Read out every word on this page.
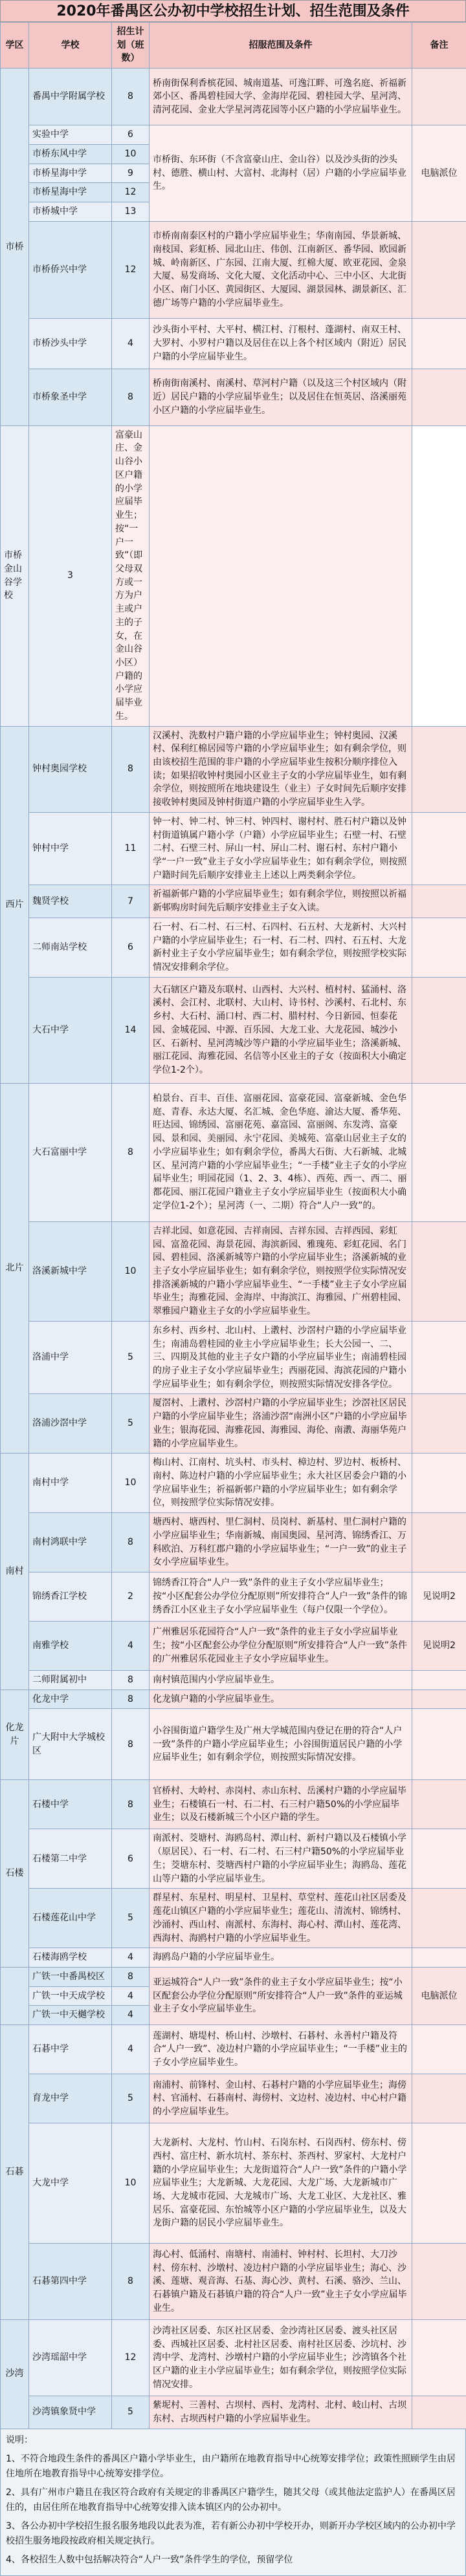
2020年番禺区公办初中学校招生计划、招生范围及条件
学区	学校	招生计划（班数）	招服范围及条件	备注
市桥	番禺中学附属学校	8	桥南街保利香槟花园、城南道基、可逸江畔、可逸名庭、祈福新郊小区、番禺碧桂园大学、金海岸花园、碧桂园大学、星河湾、清河花园、金业大学星河湾花园等小区户籍的小学应届毕业生。	
	实验中学	6	市桥街、东环街（不含富豪山庄、金山谷）以及沙头街的沙头村、德胜、横山村、大富村、北海村（居）户籍的小学应届毕业生。	电脑派位
	市桥东风中学	10		
	市桥星海中学	9		
	市桥星海中学	12		
	市桥城中学	13		
	市桥侨兴中学	12	市桥南南泰区村的户籍小学应届毕业生；华南南园、华景新城、南枝国、彩虹桥、园北山庄、伟创、江南新区、番华园、欧园新城、岭南新区、广东园、江南大厦、红棉大厦、欧亚花园、金泉大厦、易发商场、文化大厦、文化活动中心、三中小区、大北街小区、南门小区、黄园街区、大厦园、湖景园林、湖景新区、汇德广场等户籍的小学应届毕业生。	
	市桥沙头中学	4	沙头街小平村、大平村、横江村、汀根村、蓬湖村、南双王村、大罗村、小罗村户籍以及居住在以上各个村区域内（附近）居民户籍的小学应届毕业生。	
	市桥象圣中学	8	桥南街南溪村、南溪村、草河村户籍（以及这三个村区域内（附近）居民户籍的小学应届毕业生；以及居住在恒英居、洛溪丽苑小区户籍的小学应届毕业生。	
市桥金山谷学校	3	富豪山庄、金山谷小区户籍的小学应届毕业生；按“一户一致”（即父母双方或一方为户主或户主的子女，在金山谷小区）户籍的小学应届毕业生。		
西片	钟村奥园学校	8	汉溪村、洗数村户籍户籍的小学应届毕业生；钟村奥园、汉溪村、保利红棉居园等户籍的小学应届毕业生；如有剩余学位，则由该校招生范围的非户籍的小学应届毕业生按积分顺序排位入读；如果招收钟村奥园小区业主子女的小学应届毕业生，如有剩余学位，则按照所在地块建设生（业主）子女时间先后顺序安排接收钟村奥园及钟村街道户籍的小学应届毕业生入学。	
	钟村中学	11	钟一村、钟二村、钟三村、钟四村、谢村村、胜石村户籍以及钟村街道镇属户籍小学（户籍）小学应届毕业生；石壁一村、石壁二村、石壁三村、屏山一村、屏山二村、谢石村、东村户籍小学“一户一致”业主子女小学应届毕业生；如有剩余学位，则按照户籍时间先后顺序安排业主上述以上两类剩余学位。	
	魏贤学校	7	祈福新邨户籍的小学应届毕业生；如有剩余学位，则按照以祈福新邨购房时间先后顺序安排业主子女入读。	
	二师南站学校	6	石一村、石二村、石三村、石四村、石五村、大龙新村、大兴村户籍的小学应届毕业生；石一村、石二村、四村、石五村、大龙新村业主子女小学应届毕业生；如有剩余学位，则按照学校实际情况安排剩余学位。	
	大石中学	14	大石辖区户籍及东联村、山西村、大兴村、植村村、猛涌村、洛溪村、会江村、北联村、大山村、诗书村、沙溪村、石北村、东乡村、大石村、涌口村、西二村、腊村村、今日新园、恒泰花园、金城花园、中源、百乐园、大龙工业、大龙花园、城沙小区、石新村、星河湾城沙等户籍的小学应届毕业生；洛溪新城、丽江花园、海雅花园、名信等小区业主的子女（按面积大小确定学位1-2个）。	
北片	大石富丽中学	8	柏景台、百丰、百佳、富丽花园、富豪花园、富豪新城、金色华庭、青春、永达大厦、名汇城、金色华庭、渝达大厦、番华苑、旺达园、锦绣园、富丽花苑、嘉富园、富丽阁、东发湾、富豪园、景和园、美丽园、永宁花园、美城苑、富豪山居业主子女的小学应届毕业生；如有剩余学位，番禺大石街、大石新城、北城区、星河湾户籍的小学应届毕业生；“一手楼”业主子女的小学应届毕业生；明园花园（1、2、3、4栋）、西苑、西一、西二、丽都花园、丽江花园户籍业主子女小学应届毕业生（按面积大小确定学位1-2个）；星河湾（一、二期）符合“人户一致”的。	
	洛溪新城中学	10	吉祥北园、如意花园、吉祥南园、吉祥东园、吉祥西园、彩虹园、富盈花园、海景花园、海滨新园、雅瑰苑、彩虹花园、名门园、碧桂园、洛溪新城等户籍的小学应届毕业生；洛溪新城的业主子女小学应届毕业生；如有剩余学位，则按照学位实际情况安排洛溪新城的户籍小学应届毕业生、“一手楼”业主子女小学应届毕业生；海雅花园、金海岸、中海滨江、海雅园、广州碧桂园、翠雅园户籍业主子女的小学应届毕业生。	
	洛浦中学	5	东乡村、西乡村、北山村、上漖村、沙滘村户籍的小学应届毕业生；南浦岛碧桂园的业主小学应届毕业生；长大公园一、二、三、四期及其他的业主子女户籍的小学应届毕业生；南浦碧桂园的房子业主子女小学应届毕业生；西丽花园、海滨花园的户籍小学应届毕业生；如有剩余学位，则按照实际情况安排各学位。	
	洛浦沙滘中学	5	厦滘村、上漖村、沙滘村户籍的小学应届毕业生；沙滘社区居民户籍的小学应届毕业生；洛浦沙滘“南洲小区”户籍的小学应届毕业生；银海花园、海雅花园、海雅园、海伦、南漖、海丽华苑户籍的小学应届毕业生。	
南村	南村中学	10	梅山村、江南村、坑头村、市头村、樟边村、罗边村、板桥村、南村、陈边村户籍的小学应届毕业生；永大社区居委会户籍的小学应届毕业生；祈福新邨户籍的小学应届毕业生；如有剩余学位，则按照学位实际情况安排。	
	南村鸿联中学	8	塘西村、塘西村、里仁洞村、员岗村、新基村、里仁洞村户籍的小学应届毕业生；华南新城、南国奥园、星河湾、锦绣香江、万科欧泊、万科红郡户籍的小学应届毕业生；“一户一致”的业主子女小学应届毕业生。	
	锦绣香江学校	2	锦绣香江符合“人户一致”条件的业主子女小学应届毕业生；按“小区配套公办学位分配原则”所安排符合“人户一致”条件的锦绣香江小区业主子女小学应届毕业生（每户仅限一个学位）。	见说明2
	南雅学校	4	广州雅居乐花园符合“人户一致”条件的业主子女小学应届毕业生；按“小区配套公办学位分配原则”所安排符合“人户一致”条件的广州雅居乐花园业主子女小学应届毕业生。	见说明2
	二师附属初中	8	南村镇范围内小学应届毕业生。	
化龙片	化龙中学	8	化龙镇户籍的小学应届毕业生。	
	广大附中大学城校区	8	小谷围街道户籍学生及广州大学城范围内登记在册的符合“人户一致”条件的户籍小学应届毕业生；小谷围街道居民户籍的小学应届毕业生；如有剩余学位，则按照实际情况安排。	
石楼	石楼中学	8	官桥村、大岭村、赤岗村、赤山东村、岳溪村户籍的小学应届毕业生；石楼镇石一村、石二村、石三村户籍50%的小学应届毕业生；以及石楼新城三个小区户籍的学生。	
	石楼第二中学	6	南派村、茭塘村、海鸥岛村、潭山村、新村户籍以及石楼镇小学（原居民）、石一村、石二村、石三村户籍50%的小学应届毕业生；茭塘东村、茭塘西村户籍的小学应届毕业生；海鸥岛、莲花山等户籍的小学应届毕业生。	
	石楼莲花山中学	5	群星村、东星村、明星村、卫星村、草堂村、莲花山社区居委及莲花山镇区户籍的小学应届毕业生；莲花山、清流村、锦绣村、沙涌村、西山村、南派村、东海村、海心村、潭山村、莲花湾、西海村、海鸥村户籍的小学应届毕业生。	
	石楼海鸥学校	4	海鸥岛户籍的小学应届毕业生。	
	广铁一中番禺校区	8	亚运城符合“人户一致”条件的业主子女小学应届毕业生；按“小区配套公办学位分配原则”所安排符合“人户一致”条件的亚运城业主子女小学应届毕业生。	电脑派位
	广铁一中天成学校	4		
	广铁一中天樾学校	4		
石碁	石碁中学	4	莲湖村、塘堤村、桥山村、沙墩村、石碁村、永善村户籍及符合“人户一致”、凌边村户籍的小学应届毕业生；“一手楼”业主的子女小学应届毕业生。	
	育龙中学	5	南浦村、前锋村、金山村、石碁村户籍的小学应届毕业生；海傍村、官涌村、石碁南村、海傍村、文边村、凌边村、中心村户籍的小学应届毕业生。	
	大龙中学	10	大龙新村、大龙村、竹山村、石岗东村、石岗西村、傍东村、傍西村、富庄村、新水坑村、茶东村、茶西村、罗家村、大龙村户籍的小学应届毕业生；大龙街道符合“人户一致”条件的户籍小学应届毕业生；大龙新城、大龙花园、大龙广场、大龙新城市广场、大龙城市花园、大龙城市广场、大龙工业区、大龙社区、雅居乐、富豪花园、东怡城等小区户籍的小学应届毕业生，以及大龙街户籍的居民小学应届毕业生。	
	石碁第四中学	8	海心村、低涌村、南塘村、南浦村、钟村村、长坦村、大刀沙村、傍东村、沙墩村、凌边村户籍的小学应届毕业生；海心、沙溪、莲塘、观音海、石基、海心沙、黄村、石溪、骆沙、兰山、石碁镇户籍及石碁镇户籍的符合“人户一致”业主子女小学应届毕业生。	
沙湾	沙湾瑶韶中学	12	沙湾社区居委、东区社区居委、金沙湾社区居委、渡头社区居委、西城社区居委、北村社区居委、南村社区居委、沙坑村、沙湾中学、龙湾村、沙墩村户籍的小学应届毕业生；沙湾镇各个社区户籍的业主小学应届毕业生；如有剩余学位，则按照学位实际情况安排。	
	沙湾镇象贤中学	5	紫坭村、三善村、古坝村、西村、龙湾村、北村、岐山村、古坝东村、古坝西村户籍的小学应届毕业生。	

说明：

1、不符合地段生条件的番禺区户籍小学毕业生，由户籍所在地教育指导中心统筹安排学位；政策性照顾学生由居住地所在地教育指导中心统筹安排学位。

2、具有广州市户籍且在我区符合政府有关规定的非番禺区户籍学生，随其父母（或其他法定监护人）在番禺区居住的，由居住所在地教育指导中心统筹安排入读本镇区内的公办初中。

3、各公办初中学校招生报名服务地段以此表为准，若有新公办初中学校开办，则新开办学校区域内的公办初中学校招生服务地段按政府相关规定执行。

4、各校招生人数中包括解决符合“人户一致”条件学生的学位，预留学位
